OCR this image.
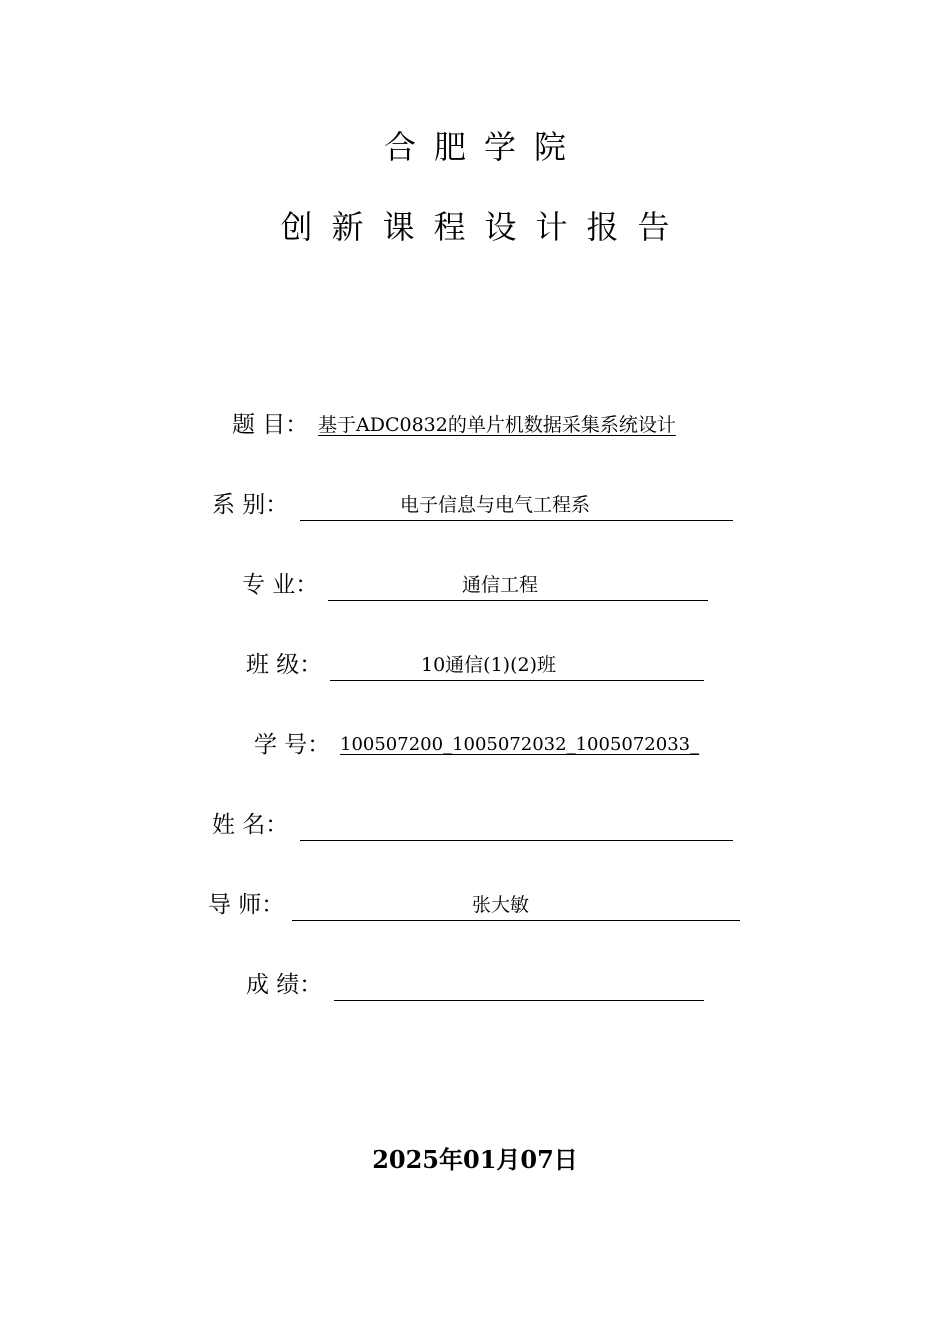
合肥学院
创新课程设计报告
题 目： 基于ADC0832的单片机数据采集系统设计
系 别：	电子信息与电气工程系
专 业：	通信工程
班 级：	10通信(1)(2)班
学 号： 100507200_1005072032_1005072033_
姓 名：
导 师：	张大敏
成 绩：
2025年01月07日
